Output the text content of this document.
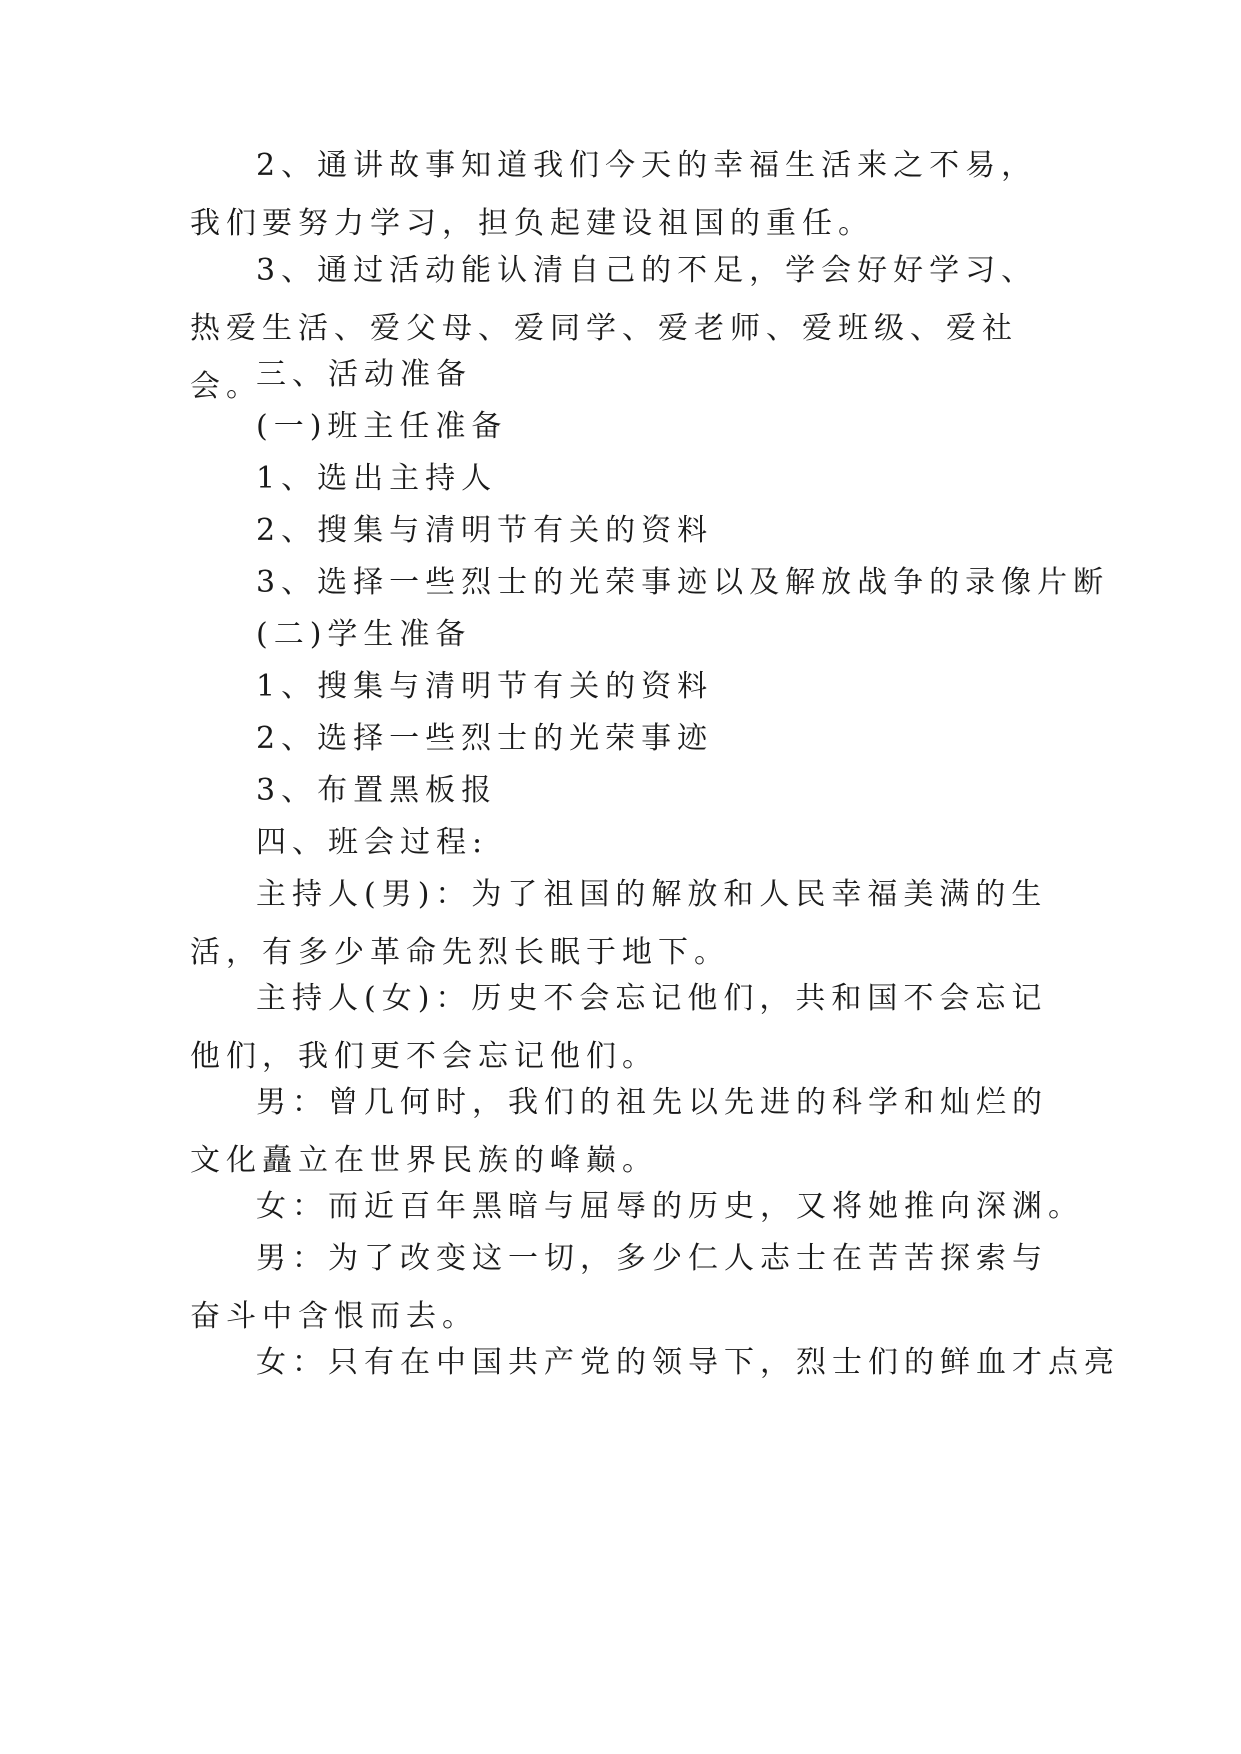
2、通讲故事知道我们今天的幸福生活来之不易，我们要努力学习，担负起建设祖国的重任。

3、通过活动能认清自己的不足，学会好好学习、热爱生活、爱父母、爱同学、爱老师、爱班级、爱社会。

三、活动准备

(一)班主任准备

1、选出主持人

2、搜集与清明节有关的资料

3、选择一些烈士的光荣事迹以及解放战争的录像片断

(二)学生准备

1、搜集与清明节有关的资料

2、选择一些烈士的光荣事迹

3、布置黑板报

四、班会过程:

主持人(男)：为了祖国的解放和人民幸福美满的生活，有多少革命先烈长眠于地下。

主持人(女)：历史不会忘记他们，共和国不会忘记他们，我们更不会忘记他们。

男：曾几何时，我们的祖先以先进的科学和灿烂的文化矗立在世界民族的峰巅。

女：而近百年黑暗与屈辱的历史，又将她推向深渊。

男：为了改变这一切，多少仁人志士在苦苦探索与奋斗中含恨而去。

女：只有在中国共产党的领导下，烈士们的鲜血才点亮
